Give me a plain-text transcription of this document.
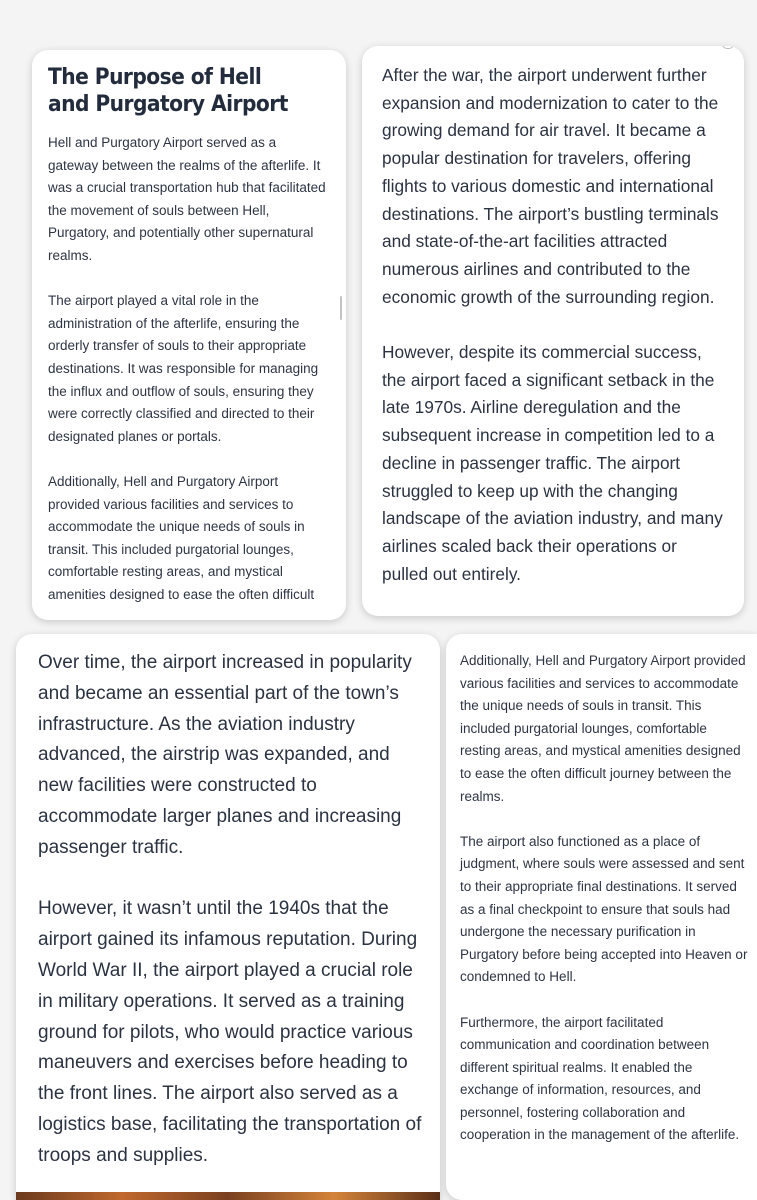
The Purpose of Hell and Purgatory Airport

Hell and Purgatory Airport served as a gateway between the realms of the afterlife. It was a crucial transportation hub that facilitated the movement of souls between Hell, Purgatory, and potentially other supernatural realms.

The airport played a vital role in the administration of the afterlife, ensuring the orderly transfer of souls to their appropriate destinations. It was responsible for managing the influx and outflow of souls, ensuring they were correctly classified and directed to their designated planes or portals.

Additionally, Hell and Purgatory Airport provided various facilities and services to accommodate the unique needs of souls in transit. This included purgatorial lounges, comfortable resting areas, and mystical amenities designed to ease the often difficult

After the war, the airport underwent further expansion and modernization to cater to the growing demand for air travel. It became a popular destination for travelers, offering flights to various domestic and international destinations. The airport’s bustling terminals and state-of-the-art facilities attracted numerous airlines and contributed to the economic growth of the surrounding region.

However, despite its commercial success, the airport faced a significant setback in the late 1970s. Airline deregulation and the subsequent increase in competition led to a decline in passenger traffic. The airport struggled to keep up with the changing landscape of the aviation industry, and many airlines scaled back their operations or pulled out entirely.

Over time, the airport increased in popularity and became an essential part of the town’s infrastructure. As the aviation industry advanced, the airstrip was expanded, and new facilities were constructed to accommodate larger planes and increasing passenger traffic.

However, it wasn’t until the 1940s that the airport gained its infamous reputation. During World War II, the airport played a crucial role in military operations. It served as a training ground for pilots, who would practice various maneuvers and exercises before heading to the front lines. The airport also served as a logistics base, facilitating the transportation of troops and supplies.

Additionally, Hell and Purgatory Airport provided various facilities and services to accommodate the unique needs of souls in transit. This included purgatorial lounges, comfortable resting areas, and mystical amenities designed to ease the often difficult journey between the realms.

The airport also functioned as a place of judgment, where souls were assessed and sent to their appropriate final destinations. It served as a final checkpoint to ensure that souls had undergone the necessary purification in Purgatory before being accepted into Heaven or condemned to Hell.

Furthermore, the airport facilitated communication and coordination between different spiritual realms. It enabled the exchange of information, resources, and personnel, fostering collaboration and cooperation in the management of the afterlife.
